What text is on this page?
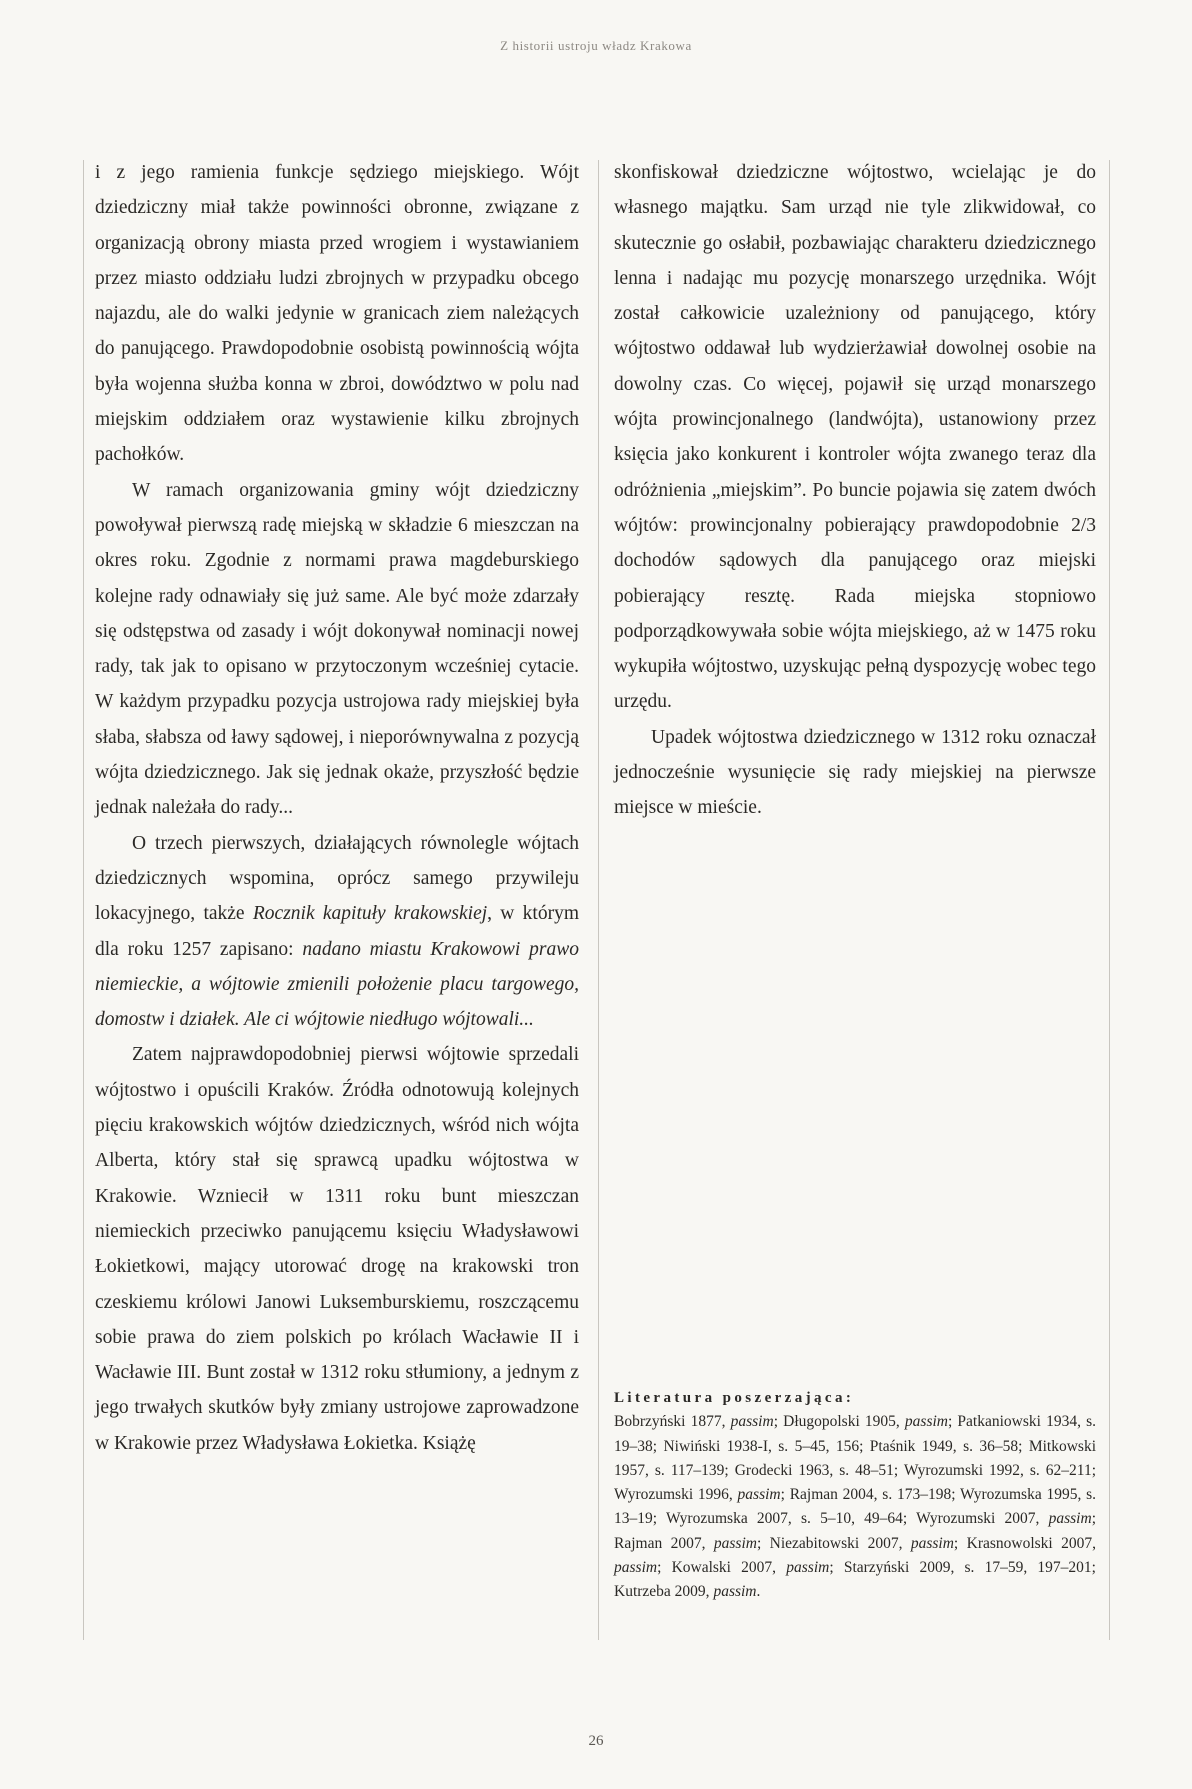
Z historii ustroju władz Krakowa

i z jego ramienia funkcje sędziego miejskiego. Wójt dziedziczny miał także powinności obronne, związane z organizacją obrony miasta przed wrogiem i wystawianiem przez miasto oddziału ludzi zbrojnych w przypadku obcego najazdu, ale do walki jedynie w granicach ziem należących do panującego. Prawdopodobnie osobistą powinnością wójta była wojenna służba konna w zbroi, dowództwo w polu nad miejskim oddziałem oraz wystawienie kilku zbrojnych pachołków.

W ramach organizowania gminy wójt dziedziczny powoływał pierwszą radę miejską w składzie 6 mieszczan na okres roku. Zgodnie z normami prawa magdeburskiego kolejne rady odnawiały się już same. Ale być może zdarzały się odstępstwa od zasady i wójt dokonywał nominacji nowej rady, tak jak to opisano w przytoczonym wcześniej cytacie. W każdym przypadku pozycja ustrojowa rady miejskiej była słaba, słabsza od ławy sądowej, i nieporównywalna z pozycją wójta dziedzicznego. Jak się jednak okaże, przyszłość będzie jednak należała do rady...

O trzech pierwszych, działających równolegle wójtach dziedzicznych wspomina, oprócz samego przywileju lokacyjnego, także Rocznik kapituły krakowskiej, w którym dla roku 1257 zapisano: nadano miastu Krakowowi prawo niemieckie, a wójtowie zmienili położenie placu targowego, domostw i działek. Ale ci wójtowie niedługo wójtowali...

Zatem najprawdopodobniej pierwsi wójtowie sprzedali wójtostwo i opuścili Kraków. Źródła odnotowują kolejnych pięciu krakowskich wójtów dziedzicznych, wśród nich wójta Alberta, który stał się sprawcą upadku wójtostwa w Krakowie. Wzniecił w 1311 roku bunt mieszczan niemieckich przeciwko panującemu księciu Władysławowi Łokietkowi, mający utorować drogę na krakowski tron czeskiemu królowi Janowi Luksemburskiemu, roszczącemu sobie prawa do ziem polskich po królach Wacławie II i Wacławie III. Bunt został w 1312 roku stłumiony, a jednym z jego trwałych skutków były zmiany ustrojowe zaprowadzone w Krakowie przez Władysława Łokietka. Książę

skonfiskował dziedziczne wójtostwo, wcielając je do własnego majątku. Sam urząd nie tyle zlikwidował, co skutecznie go osłabił, pozbawiając charakteru dziedzicznego lenna i nadając mu pozycję monarszego urzędnika. Wójt został całkowicie uzależniony od panującego, który wójtostwo oddawał lub wydzierżawiał dowolnej osobie na dowolny czas. Co więcej, pojawił się urząd monarszego wójta prowincjonalnego (landwójta), ustanowiony przez księcia jako konkurent i kontroler wójta zwanego teraz dla odróżnienia „miejskim”. Po buncie pojawia się zatem dwóch wójtów: prowincjonalny pobierający prawdopodobnie 2/3 dochodów sądowych dla panującego oraz miejski pobierający resztę. Rada miejska stopniowo podporządkowywała sobie wójta miejskiego, aż w 1475 roku wykupiła wójtostwo, uzyskując pełną dyspozycję wobec tego urzędu.

Upadek wójtostwa dziedzicznego w 1312 roku oznaczał jednocześnie wysunięcie się rady miejskiej na pierwsze miejsce w mieście.

Literatura poszerzająca:

Bobrzyński 1877, passim; Długopolski 1905, passim; Patkaniowski 1934, s. 19–38; Niwiński 1938-I, s. 5–45, 156; Ptaśnik 1949, s. 36–58; Mitkowski 1957, s. 117–139; Grodecki 1963, s. 48–51; Wyrozumski 1992, s. 62–211; Wyrozumski 1996, passim; Rajman 2004, s. 173–198; Wyrozumska 1995, s. 13–19; Wyrozumska 2007, s. 5–10, 49–64; Wyrozumski 2007, passim; Rajman 2007, passim; Niezabitowski 2007, passim; Krasnowolski 2007, passim; Kowalski 2007, passim; Starzyński 2009, s. 17–59, 197–201; Kutrzeba 2009, passim.

26
